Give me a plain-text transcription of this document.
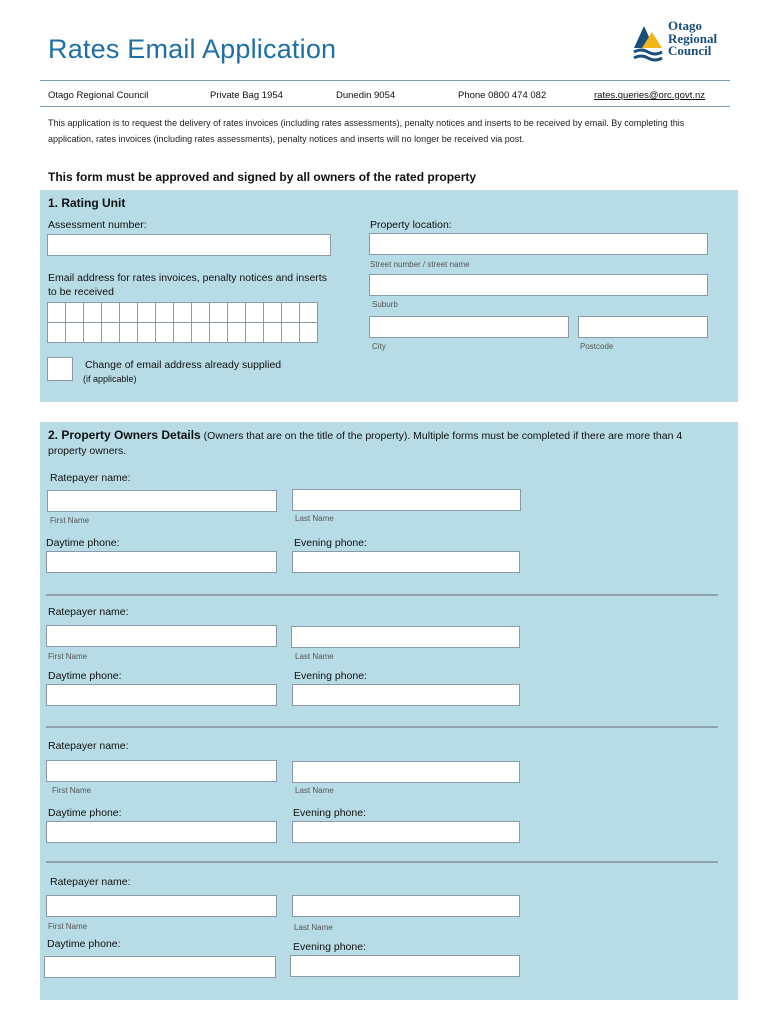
Rates Email Application
Otago
Regional
Council
Otago Regional Council	Private Bag 1954	Dunedin 9054	Phone 0800 474 082	rates.queries@orc.govt.nz
This application is to request the delivery of rates invoices (including rates assessments), penalty notices and inserts to be received by email. By completing this application, rates invoices (including rates assessments), penalty notices and inserts will no longer be received via post.
This form must be approved and signed by all owners of the rated property
1. Rating Unit
Assessment number:	Property location:
Street number / street name
Suburb
City	Postcode
Email address for rates invoices, penalty notices and inserts to be received

Change of email address already supplied
(if applicable)
2. Property Owners Details (Owners that are on the title of the property). Multiple forms must be completed if there are more than 4 property owners.
Ratepayer name:
First Name	Last Name
Daytime phone:	Evening phone:
Ratepayer name:
First Name	Last Name
Daytime phone:	Evening phone:
Ratepayer name:
First Name	Last Name
Daytime phone:	Evening phone:
Ratepayer name:
First Name	Last Name
Daytime phone:	Evening phone:
